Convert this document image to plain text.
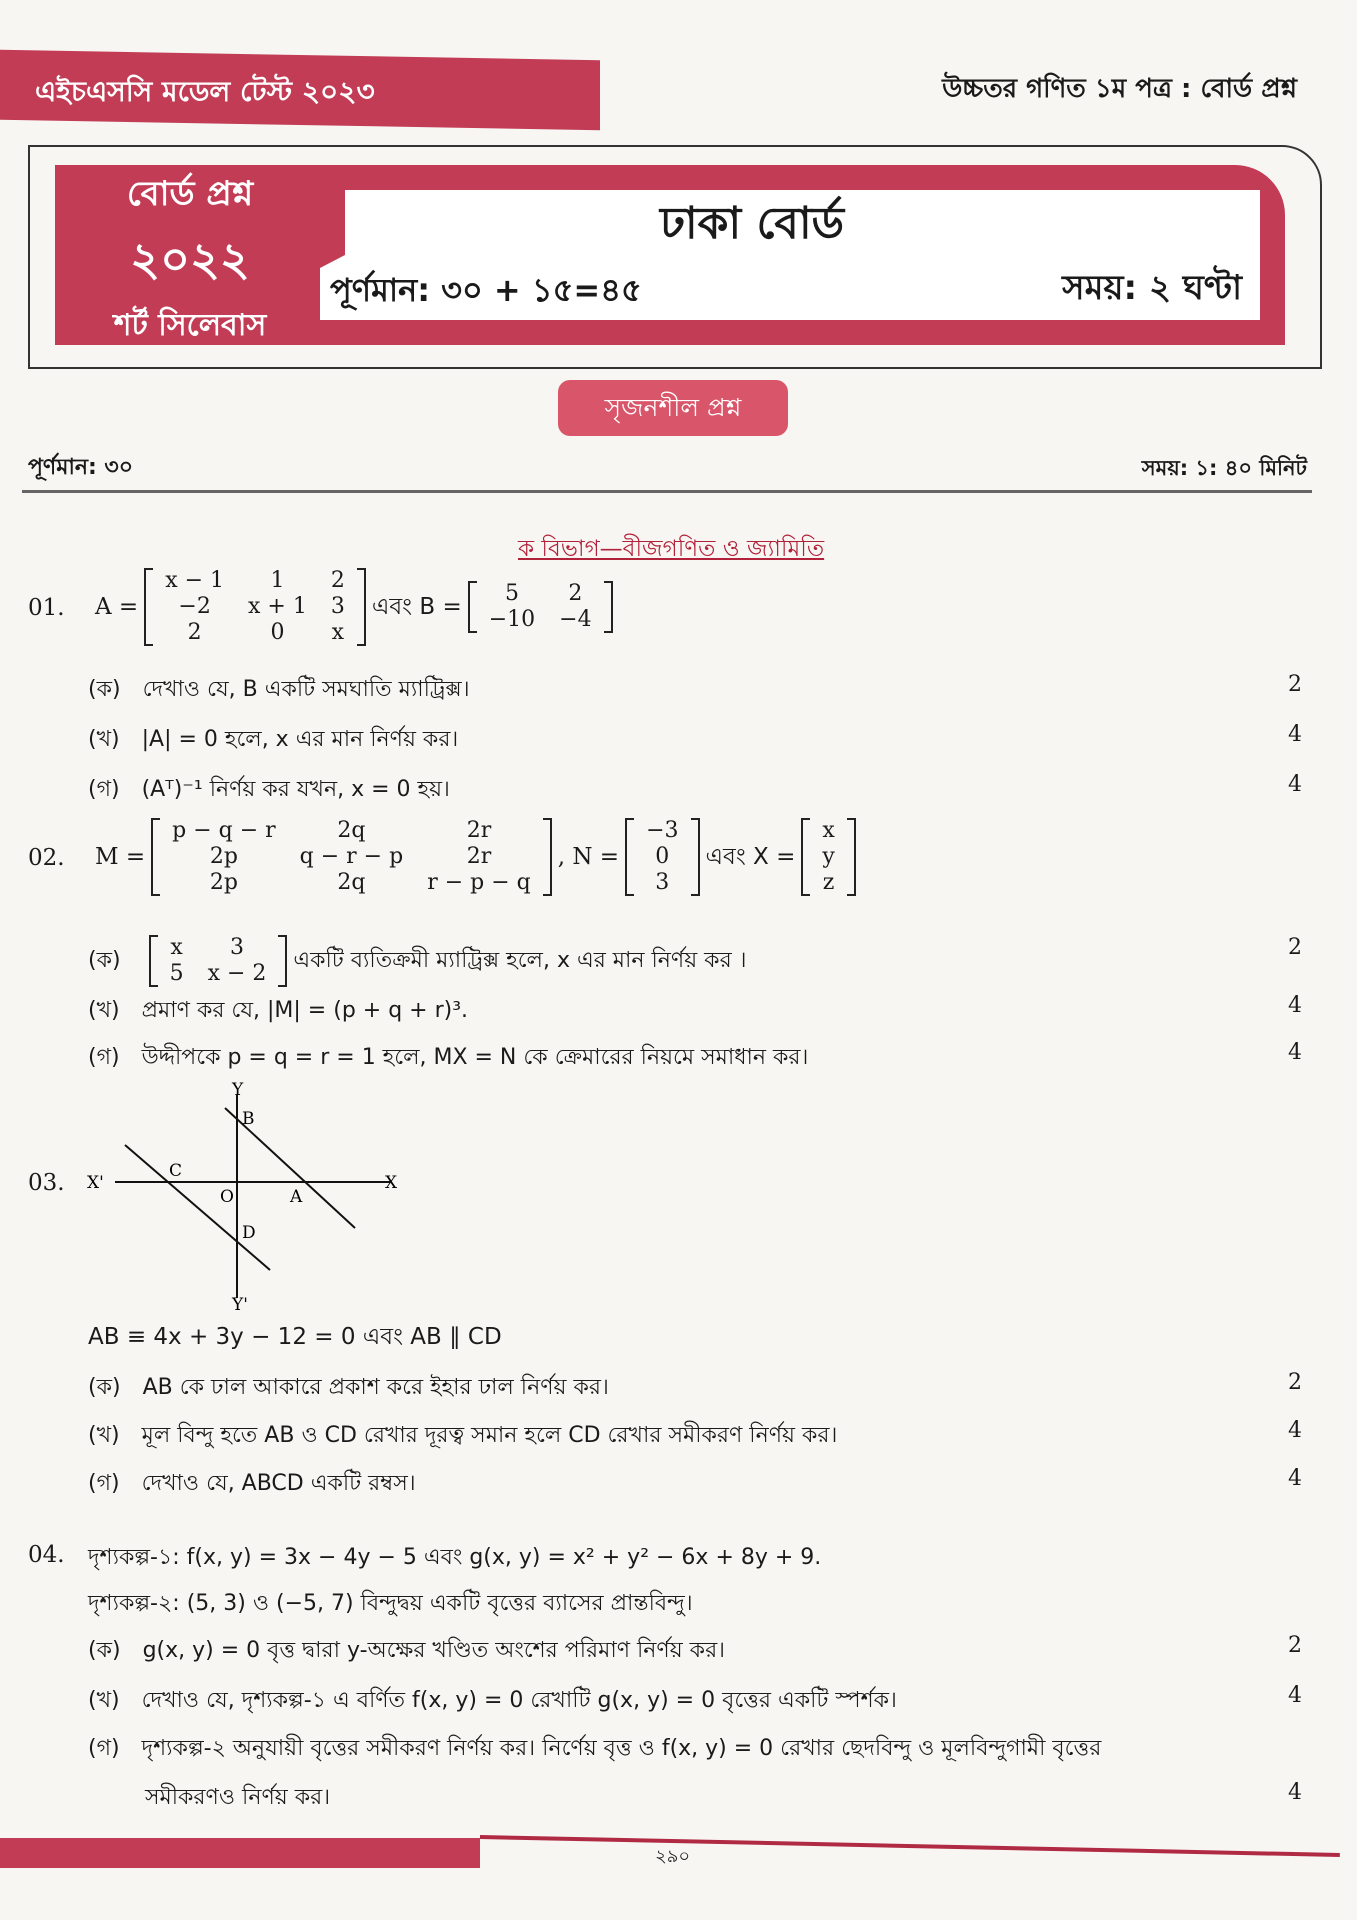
এইচএসসি মডেল টেস্ট ২০২৩	উচ্চতর গণিত ১ম পত্র : বোর্ড প্রশ্ন
বোর্ড প্রশ্ন
২০২২
শর্ট সিলেবাস
ঢাকা বোর্ড
পূর্ণমান: ৩০ + ১৫=৪৫	সময়: ২ ঘণ্টা
সৃজনশীল প্রশ্ন
পূর্ণমান: ৩০	সময়: ১: ৪০ মিনিট
ক বিভাগ—বীজগণিত ও জ্যামিতি
01. A =
x − 1	1	2
−2	x + 1	3
2	0	x
এবং B = 5	2
−10	−4
(ক) দেখাও যে, B একটি সমঘাতি ম্যাট্রিক্স।	2
(খ) |A| = 0 হলে, x এর মান নির্ণয় কর।	4
(গ) (Aᵀ)⁻¹ নির্ণয় কর যখন, x = 0 হয়।	4
02. M =
p − q − r	2q	2r
2p	q − r − p	2r
2p	2q	r − p − q
, N =
−3
0
3
এবং X =
x
y
z
(ক) x	3
5	x − 2
একটি ব্যতিক্রমী ম্যাট্রিক্স হলে, x এর মান নির্ণয় কর ।	2
(খ) প্রমাণ কর যে, |M| = (p + q + r)³.	4
(গ) উদ্দীপকে p = q = r = 1 হলে, MX = N কে ক্রেমারের নিয়মে সমাধান কর।	4
03. X'	X
Y
Y'
O	A
B
C
D
AB ≡ 4x + 3y − 12 = 0 এবং AB ∥ CD
(ক) AB কে ঢাল আকারে প্রকাশ করে ইহার ঢাল নির্ণয় কর।	2
(খ) মূল বিন্দু হতে AB ও CD রেখার দূরত্ব সমান হলে CD রেখার সমীকরণ নির্ণয় কর।	4
(গ) দেখাও যে, ABCD একটি রম্বস।	4
04. দৃশ্যকল্প-১: f(x, y) = 3x − 4y − 5 এবং g(x, y) = x² + y² − 6x + 8y + 9.
দৃশ্যকল্প-২: (5, 3) ও (−5, 7) বিন্দুদ্বয় একটি বৃত্তের ব্যাসের প্রান্তবিন্দু।
(ক) g(x, y) = 0 বৃত্ত দ্বারা y-অক্ষের খণ্ডিত অংশের পরিমাণ নির্ণয় কর।	2
(খ) দেখাও যে, দৃশ্যকল্প-১ এ বর্ণিত f(x, y) = 0 রেখাটি g(x, y) = 0 বৃত্তের একটি স্পর্শক।	4
(গ) দৃশ্যকল্প-২ অনুযায়ী বৃত্তের সমীকরণ নির্ণয় কর। নির্ণেয় বৃত্ত ও f(x, y) = 0 রেখার ছেদবিন্দু ও মূলবিন্দুগামী বৃত্তের
4
সমীকরণও নির্ণয় কর।
২৯০
